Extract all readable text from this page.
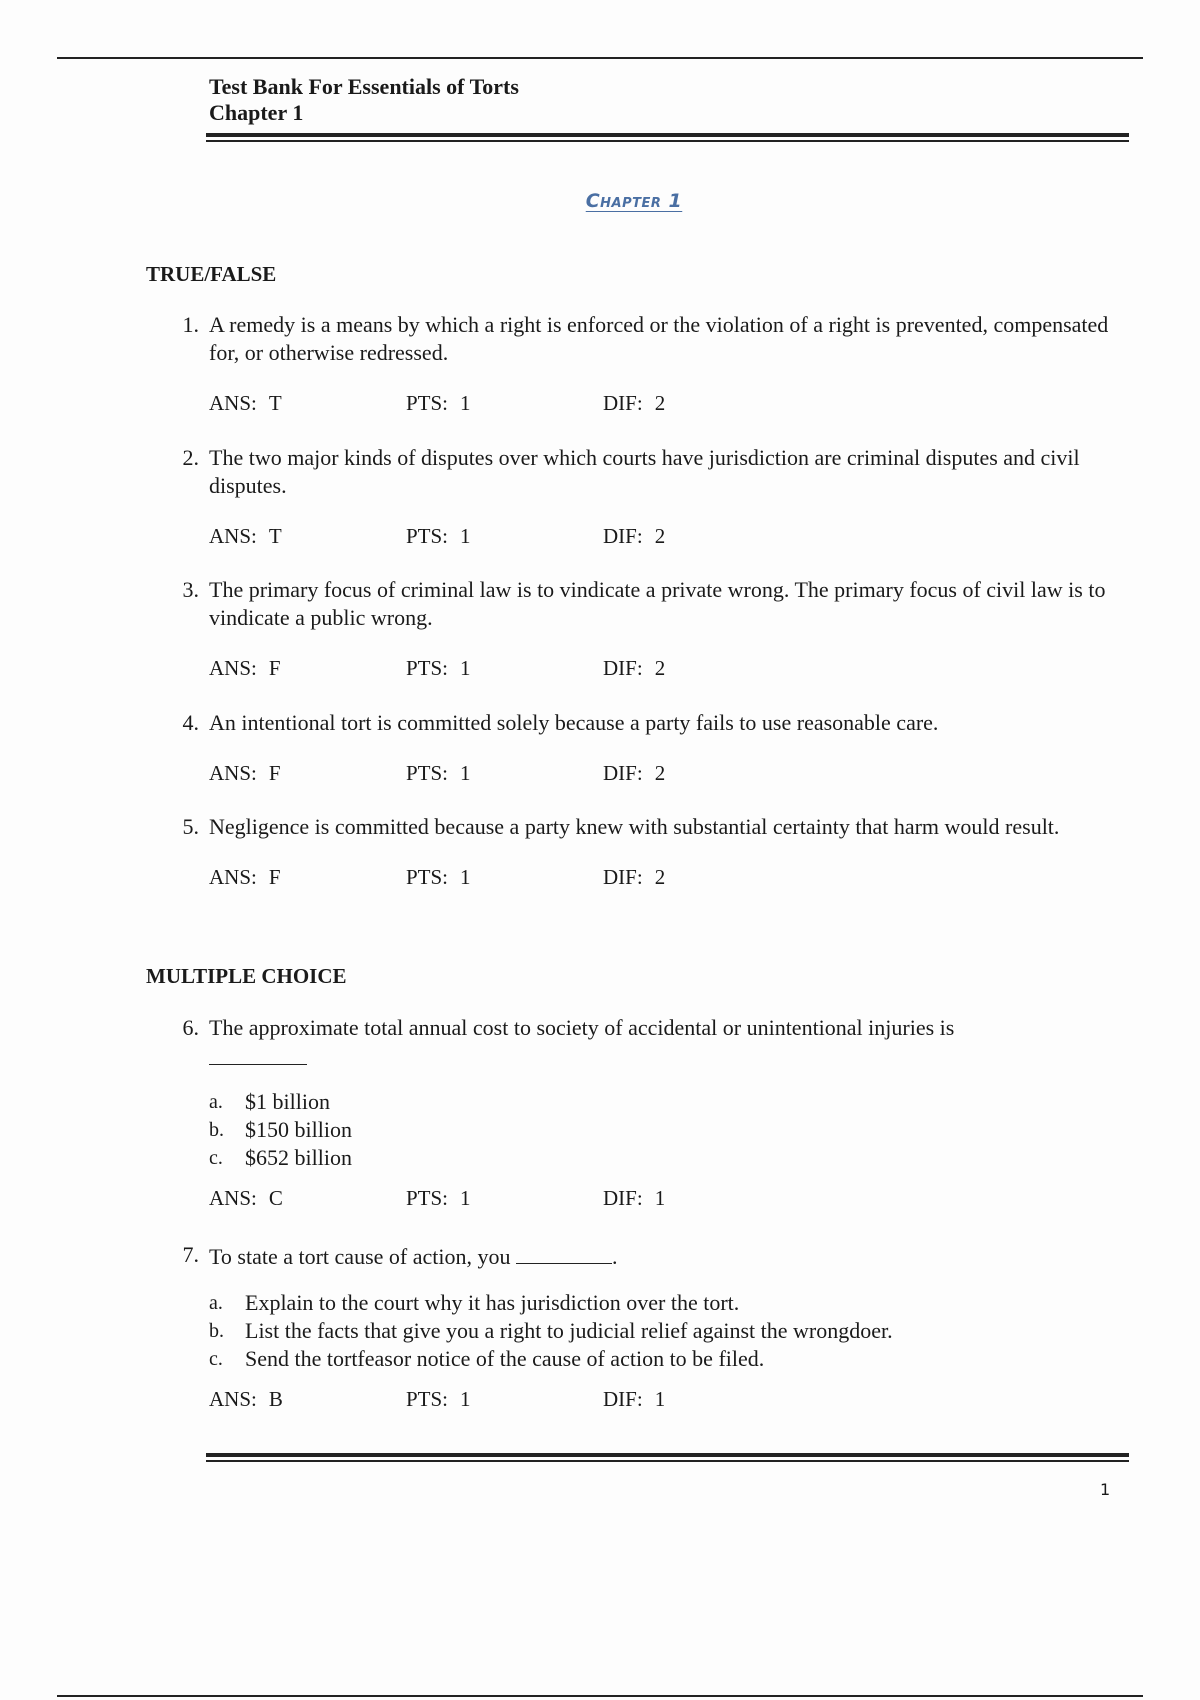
Test Bank For Essentials of Torts

Chapter 1

Chapter 1

TRUE/FALSE

1. A remedy is a means by which a right is enforced or the violation of a right is prevented, compensated for, or otherwise redressed.
ANS: T	PTS: 1	DIF: 2
2. The two major kinds of disputes over which courts have jurisdiction are criminal disputes and civil disputes.
ANS: T	PTS: 1	DIF: 2
3. The primary focus of criminal law is to vindicate a private wrong. The primary focus of civil law is to vindicate a public wrong.
ANS: F	PTS: 1	DIF: 2
4. An intentional tort is committed solely because a party fails to use reasonable care.
ANS: F	PTS: 1	DIF: 2
5. Negligence is committed because a party knew with substantial certainty that harm would result.
ANS: F	PTS: 1	DIF: 2

MULTIPLE CHOICE

6. The approximate total annual cost to society of accidental or unintentional injuries is
a.	$1 billion
b. $150 billion
c.	$652 billion
ANS: C	PTS: 1	DIF: 1
7. To state a tort cause of action, you	.
a.	Explain to the court why it has jurisdiction over the tort.
b. List the facts that give you a right to judicial relief against the wrongdoer.
c.	Send the tortfeasor notice of the cause of action to be filed.
ANS: B	PTS: 1	DIF: 1
1
